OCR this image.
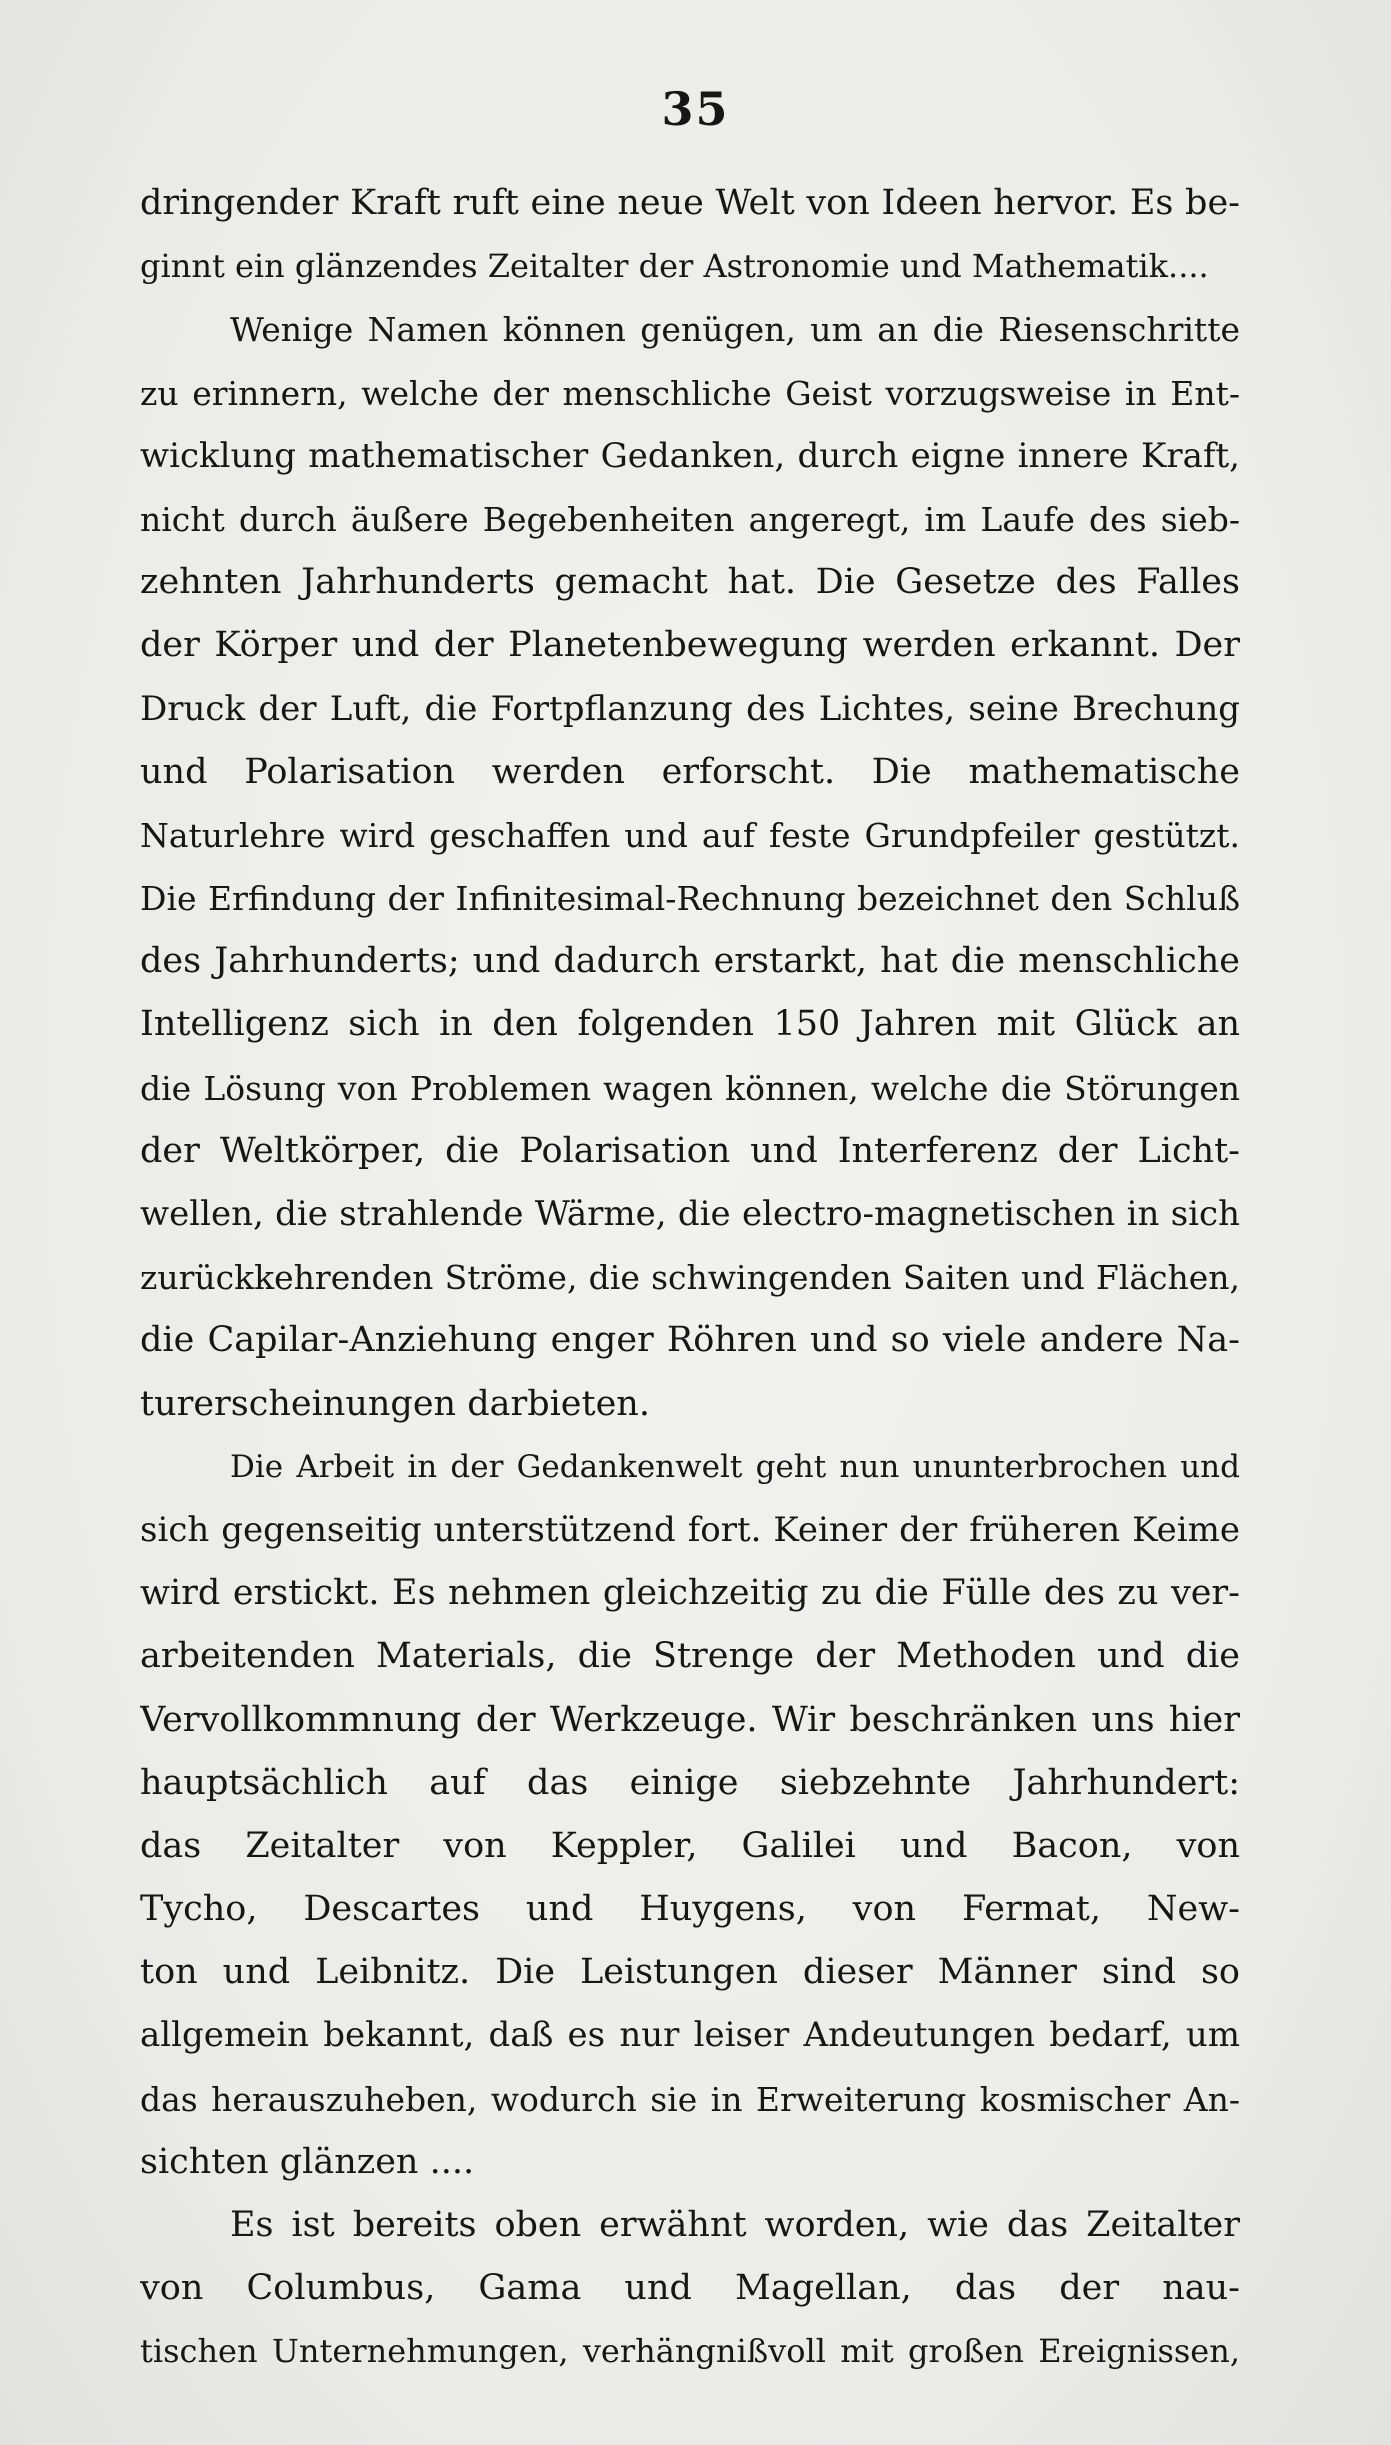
35
dringender Kraft ruft eine neue Welt von Ideen hervor. Es be-
ginnt ein glänzendes Zeitalter der Astronomie und Mathematik....
Wenige Namen können genügen, um an die Riesenschritte
zu erinnern, welche der menschliche Geist vorzugsweise in Ent-
wicklung mathematischer Gedanken, durch eigne innere Kraft,
nicht durch äußere Begebenheiten angeregt, im Laufe des sieb-
zehnten Jahrhunderts gemacht hat. Die Gesetze des Falles
der Körper und der Planetenbewegung werden erkannt. Der
Druck der Luft, die Fortpflanzung des Lichtes, seine Brechung
und Polarisation werden erforscht. Die mathematische
Naturlehre wird geschaffen und auf feste Grundpfeiler gestützt.
Die Erfindung der Infinitesimal-Rechnung bezeichnet den Schluß
des Jahrhunderts; und dadurch erstarkt, hat die menschliche
Intelligenz sich in den folgenden 150 Jahren mit Glück an
die Lösung von Problemen wagen können, welche die Störungen
der Weltkörper, die Polarisation und Interferenz der Licht-
wellen, die strahlende Wärme, die electro-magnetischen in sich
zurückkehrenden Ströme, die schwingenden Saiten und Flächen,
die Capilar-Anziehung enger Röhren und so viele andere Na-
turerscheinungen darbieten.
Die Arbeit in der Gedankenwelt geht nun ununterbrochen und
sich gegenseitig unterstützend fort. Keiner der früheren Keime
wird erstickt. Es nehmen gleichzeitig zu die Fülle des zu ver-
arbeitenden Materials, die Strenge der Methoden und die
Vervollkommnung der Werkzeuge. Wir beschränken uns hier
hauptsächlich auf das einige siebzehnte Jahrhundert:
das Zeitalter von Keppler, Galilei und Bacon, von
Tycho, Descartes und Huygens, von Fermat, New-
ton und Leibnitz. Die Leistungen dieser Männer sind so
allgemein bekannt, daß es nur leiser Andeutungen bedarf, um
das herauszuheben, wodurch sie in Erweiterung kosmischer An-
sichten glänzen ....
Es ist bereits oben erwähnt worden, wie das Zeitalter
von Columbus, Gama und Magellan, das der nau-
tischen Unternehmungen, verhängnißvoll mit großen Ereignissen,
